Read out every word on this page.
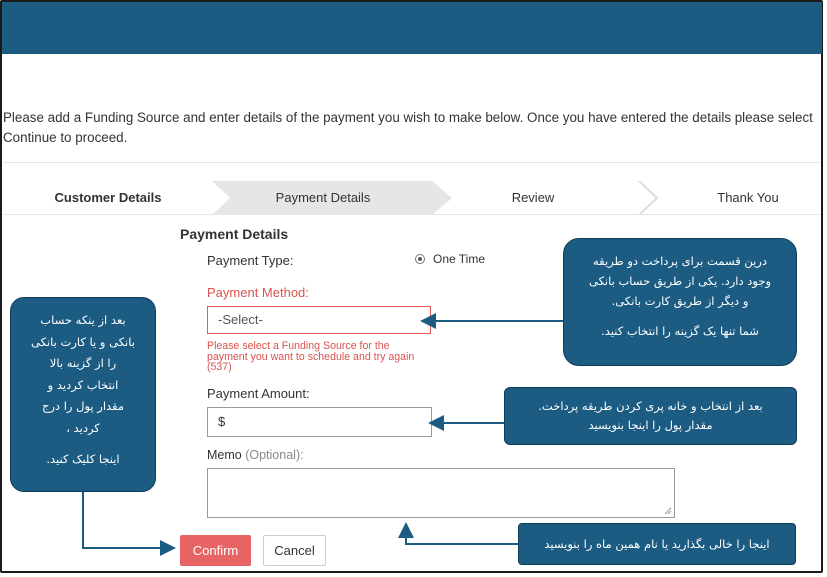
Please add a Funding Source and enter details of the payment you wish to make below. Once you have entered the details please select Continue to proceed.
Customer Details	Payment Details	Review	Thank You
Payment Details
Payment Type:	One Time
Payment Method:
-Select-
Please select a Funding Source for the payment you want to schedule and try again (537)
Payment Amount:
$
Memo (Optional):
Confirm	Cancel

درین قسمت برای پرداخت دو طریقه

وجود دارد. یکی از طریق حساب بانکی

و دیگر از طریق کارت بانکی.

شما تنها یک گزینه را انتخاب کنید.

بعد از انتخاب و خانه پری کردن طریقه پرداخت.
مقدار پول را اینجا بنویسید
اینجا را خالی بگذارید یا نام همین ماه را بنویسید

بعد از ینکه حساب

بانکی و یا کارت بانکی

را از گزینه بالا

انتخاب کردید و

مقدار پول را درج

کردید ،

اینجا کلیک کنید.
